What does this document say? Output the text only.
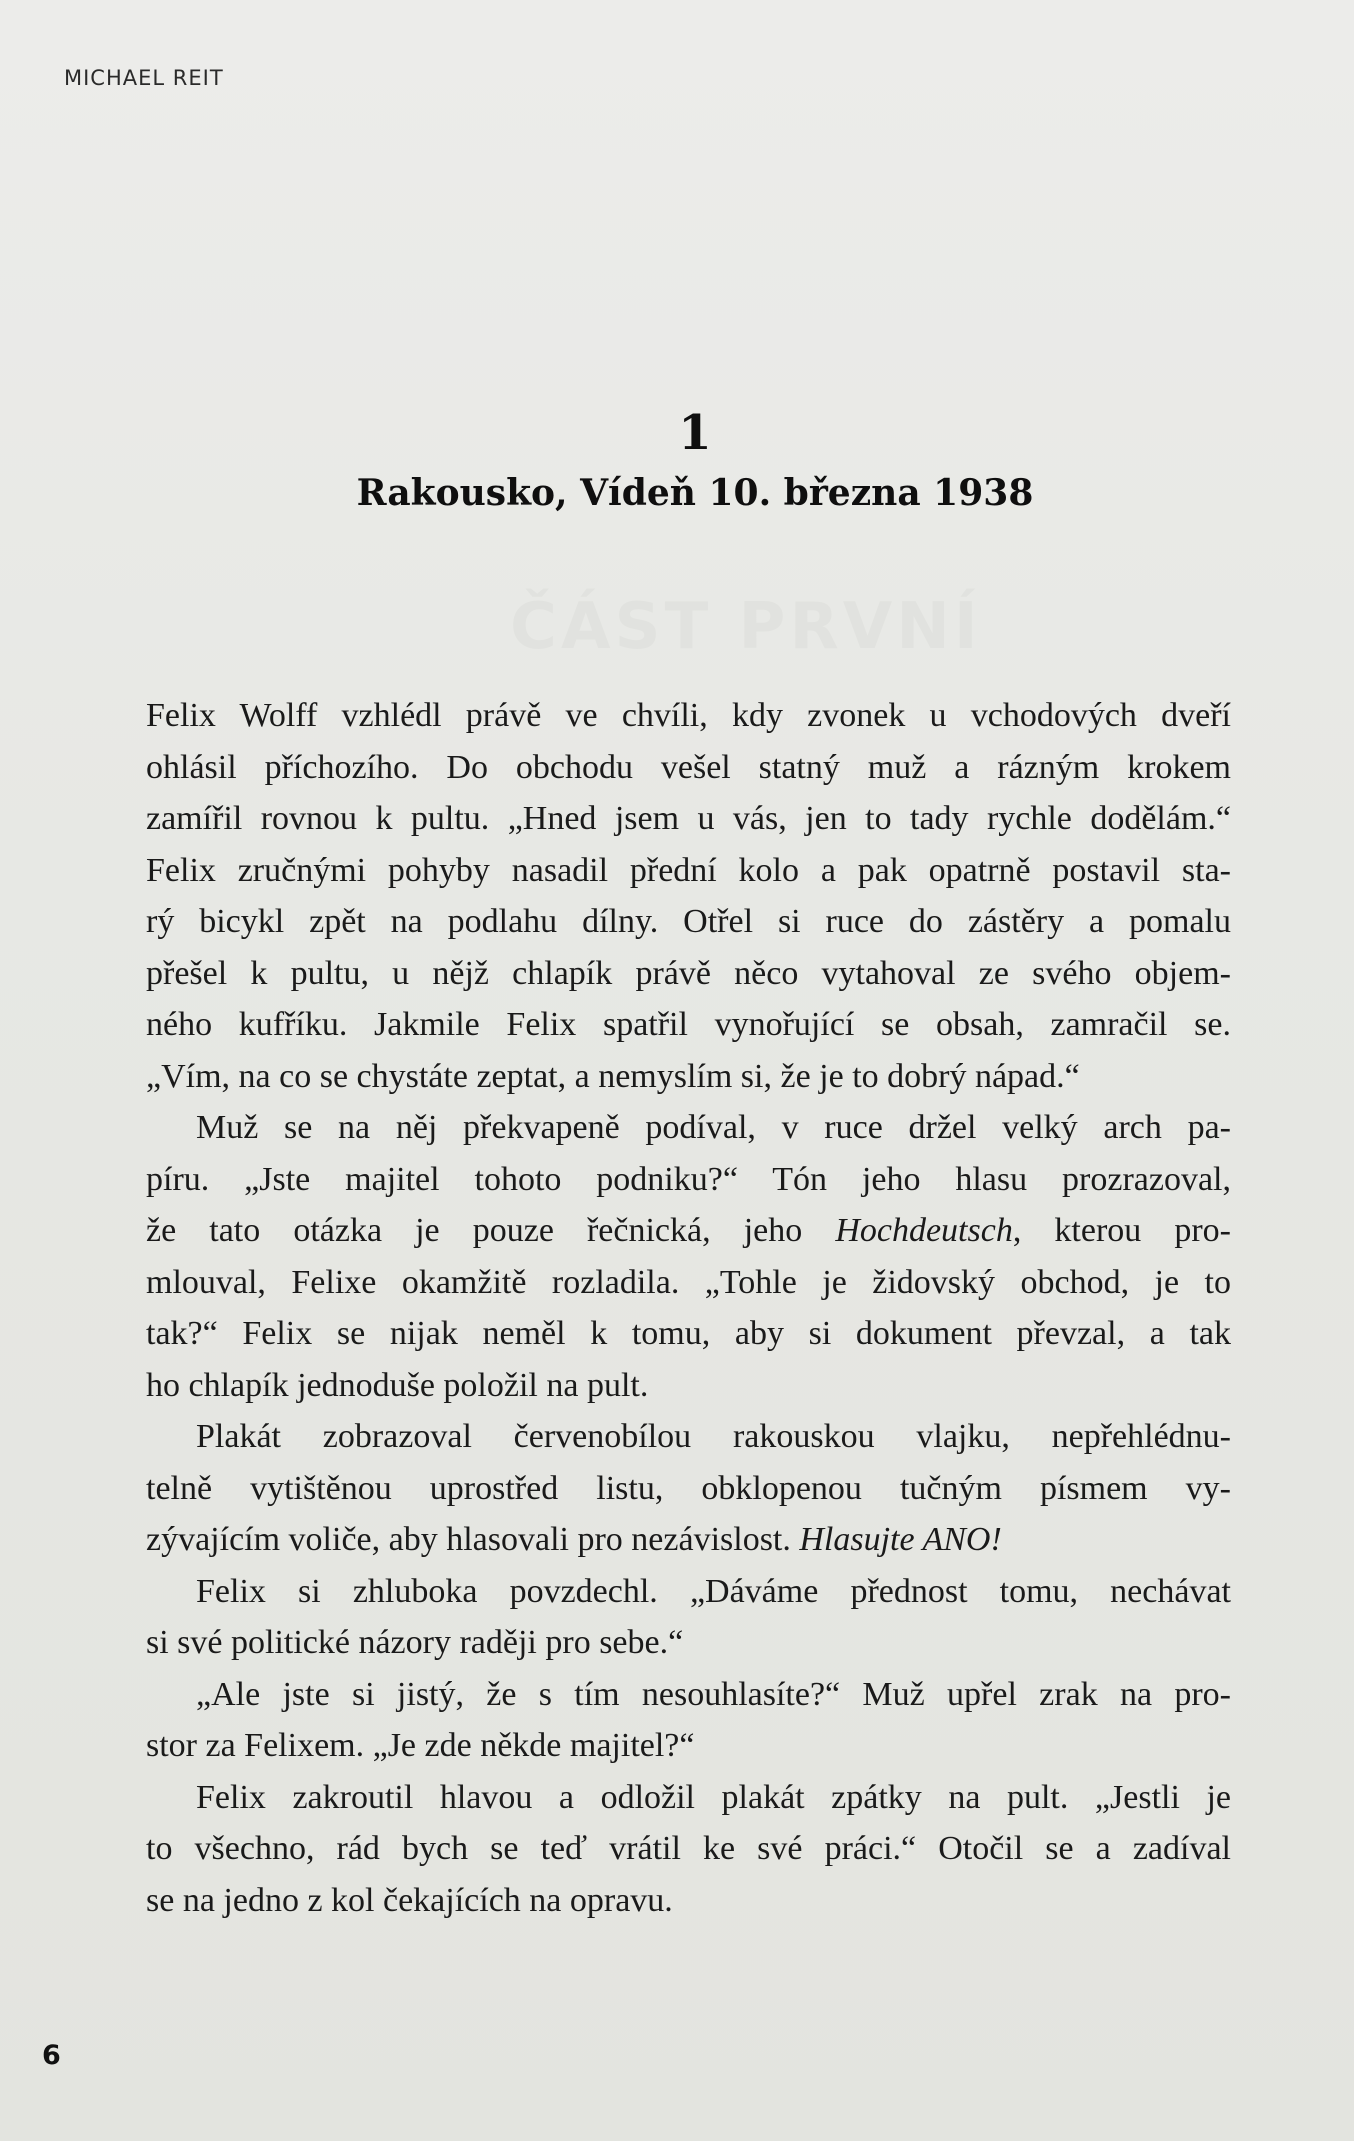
MICHAEL REIT
ČÁST PRVNÍ
1
Rakousko, Vídeň 10. března 1938
Felix Wolff vzhlédl právě ve chvíli, kdy zvonek u vchodových dveří
ohlásil příchozího. Do obchodu vešel statný muž a rázným krokem
zamířil rovnou k pultu. „Hned jsem u vás, jen to tady rychle dodělám.“
Felix zručnými pohyby nasadil přední kolo a pak opatrně postavil sta-
rý bicykl zpět na podlahu dílny. Otřel si ruce do zástěry a pomalu
přešel k pultu, u nějž chlapík právě něco vytahoval ze svého objem-
ného kufříku. Jakmile Felix spatřil vynořující se obsah, zamračil se.
„Vím, na co se chystáte zeptat, a nemyslím si, že je to dobrý nápad.“
Muž se na něj překvapeně podíval, v ruce držel velký arch pa-
píru. „Jste majitel tohoto podniku?“ Tón jeho hlasu prozrazoval,
že tato otázka je pouze řečnická, jeho Hochdeutsch, kterou pro-
mlouval, Felixe okamžitě rozladila. „Tohle je židovský obchod, je to
tak?“ Felix se nijak neměl k tomu, aby si dokument převzal, a tak
ho chlapík jednoduše položil na pult.
Plakát zobrazoval červenobílou rakouskou vlajku, nepřehlédnu-
telně vytištěnou uprostřed listu, obklopenou tučným písmem vy-
zývajícím voliče, aby hlasovali pro nezávislost. Hlasujte ANO!
Felix si zhluboka povzdechl. „Dáváme přednost tomu, nechávat
si své politické názory raději pro sebe.“
„Ale jste si jistý, že s tím nesouhlasíte?“ Muž upřel zrak na pro-
stor za Felixem. „Je zde někde majitel?“
Felix zakroutil hlavou a odložil plakát zpátky na pult. „Jestli je
to všechno, rád bych se teď vrátil ke své práci.“ Otočil se a zadíval
se na jedno z kol čekajících na opravu.
6
